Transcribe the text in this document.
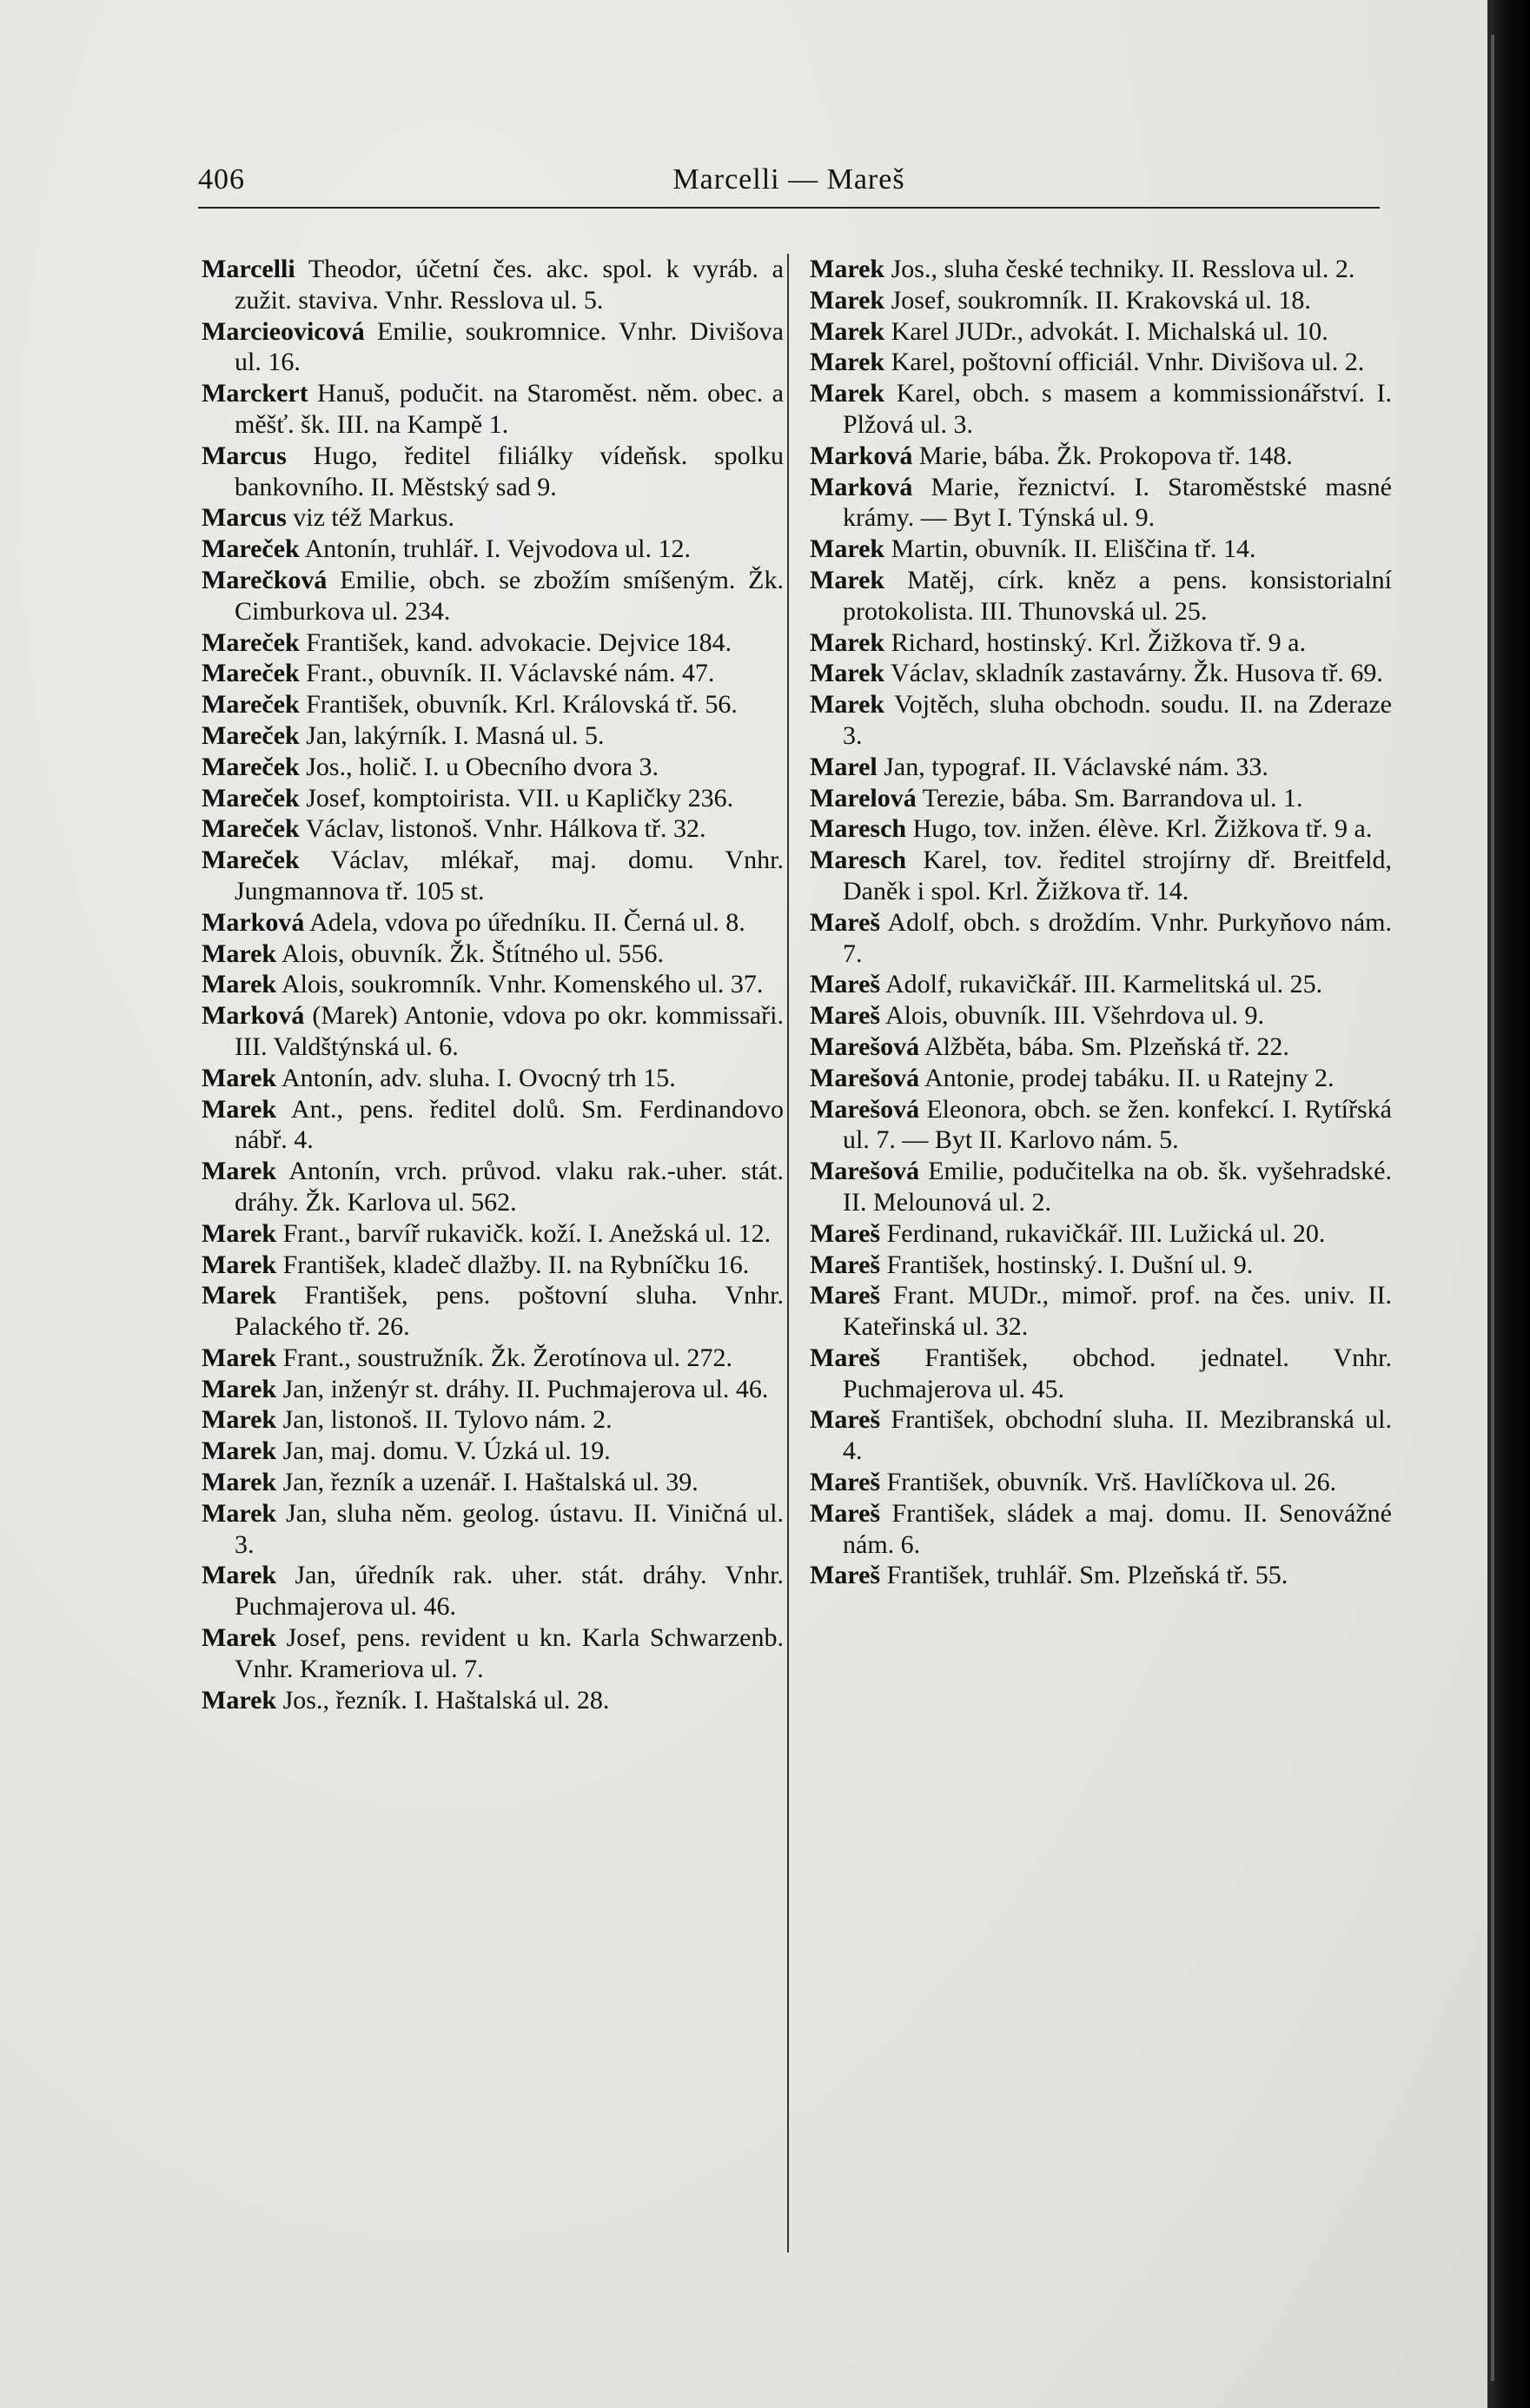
406	Marcelli — Mareš

Marcelli Theodor, účetní čes. akc. spol. k vyráb. a zužit. staviva. Vnhr. Resslova ul. 5.

Marcieovicová Emilie, soukromnice. Vnhr. Divišova ul. 16.

Marckert Hanuš, podučit. na Staroměst. něm. obec. a měšť. šk. III. na Kampě 1.

Marcus Hugo, ředitel filiálky vídeňsk. spolku bankovního. II. Městský sad 9.

Marcus viz též Markus.

Mareček Antonín, truhlář. I. Vejvodova ul. 12.

Marečková Emilie, obch. se zbožím smíšeným. Žk. Cimburkova ul. 234.

Mareček František, kand. advokacie. Dejvice 184.

Mareček Frant., obuvník. II. Václavské nám. 47.

Mareček František, obuvník. Krl. Královská tř. 56.

Mareček Jan, lakýrník. I. Masná ul. 5.

Mareček Jos., holič. I. u Obecního dvora 3.

Mareček Josef, komptoirista. VII. u Kapličky 236.

Mareček Václav, listonoš. Vnhr. Hálkova tř. 32.

Mareček Václav, mlékař, maj. domu. Vnhr. Jungmannova tř. 105 st.

Marková Adela, vdova po úředníku. II. Černá ul. 8.

Marek Alois, obuvník. Žk. Štítného ul. 556.

Marek Alois, soukromník. Vnhr. Komenského ul. 37.

Marková (Marek) Antonie, vdova po okr. kommissaři. III. Valdštýnská ul. 6.

Marek Antonín, adv. sluha. I. Ovocný trh 15.

Marek Ant., pens. ředitel dolů. Sm. Ferdinandovo nábř. 4.

Marek Antonín, vrch. průvod. vlaku rak.-uher. stát. dráhy. Žk. Karlova ul. 562.

Marek Frant., barvíř rukavičk. koží. I. Anežská ul. 12.

Marek František, kladeč dlažby. II. na Rybníčku 16.

Marek František, pens. poštovní sluha. Vnhr. Palackého tř. 26.

Marek Frant., soustružník. Žk. Žerotínova ul. 272.

Marek Jan, inženýr st. dráhy. II. Puchmajerova ul. 46.

Marek Jan, listonoš. II. Tylovo nám. 2.

Marek Jan, maj. domu. V. Úzká ul. 19.

Marek Jan, řezník a uzenář. I. Haštalská ul. 39.

Marek Jan, sluha něm. geolog. ústavu. II. Viničná ul. 3.

Marek Jan, úředník rak. uher. stát. dráhy. Vnhr. Puchmajerova ul. 46.

Marek Josef, pens. revident u kn. Karla Schwarzenb. Vnhr. Krameriova ul. 7.

Marek Jos., řezník. I. Haštalská ul. 28.

Marek Jos., sluha české techniky. II. Resslova ul. 2.

Marek Josef, soukromník. II. Krakovská ul. 18.

Marek Karel JUDr., advokát. I. Michalská ul. 10.

Marek Karel, poštovní officiál. Vnhr. Divišova ul. 2.

Marek Karel, obch. s masem a kommissionářství. I. Plžová ul. 3.

Marková Marie, bába. Žk. Prokopova tř. 148.

Marková Marie, řeznictví. I. Staroměstské masné krámy. — Byt I. Týnská ul. 9.

Marek Martin, obuvník. II. Eliščina tř. 14.

Marek Matěj, círk. kněz a pens. konsistorialní protokolista. III. Thunovská ul. 25.

Marek Richard, hostinský. Krl. Žižkova tř. 9 a.

Marek Václav, skladník zastavárny. Žk. Husova tř. 69.

Marek Vojtěch, sluha obchodn. soudu. II. na Zderaze 3.

Marel Jan, typograf. II. Václavské nám. 33.

Marelová Terezie, bába. Sm. Barrandova ul. 1.

Maresch Hugo, tov. inžen. élève. Krl. Žižkova tř. 9 a.

Maresch Karel, tov. ředitel strojírny dř. Breitfeld, Daněk i spol. Krl. Žižkova tř. 14.

Mareš Adolf, obch. s droždím. Vnhr. Purkyňovo nám. 7.

Mareš Adolf, rukavičkář. III. Karmelitská ul. 25.

Mareš Alois, obuvník. III. Všehrdova ul. 9.

Marešová Alžběta, bába. Sm. Plzeňská tř. 22.

Marešová Antonie, prodej tabáku. II. u Ratejny 2.

Marešová Eleonora, obch. se žen. konfekcí. I. Rytířská ul. 7. — Byt II. Karlovo nám. 5.

Marešová Emilie, podučitelka na ob. šk. vyšehradské. II. Melounová ul. 2.

Mareš Ferdinand, rukavičkář. III. Lužická ul. 20.

Mareš František, hostinský. I. Dušní ul. 9.

Mareš Frant. MUDr., mimoř. prof. na čes. univ. II. Kateřinská ul. 32.

Mareš František, obchod. jednatel. Vnhr. Puchmajerova ul. 45.

Mareš František, obchodní sluha. II. Mezibranská ul. 4.

Mareš František, obuvník. Vrš. Havlíčkova ul. 26.

Mareš František, sládek a maj. domu. II. Senovážné nám. 6.

Mareš František, truhlář. Sm. Plzeňská tř. 55.
